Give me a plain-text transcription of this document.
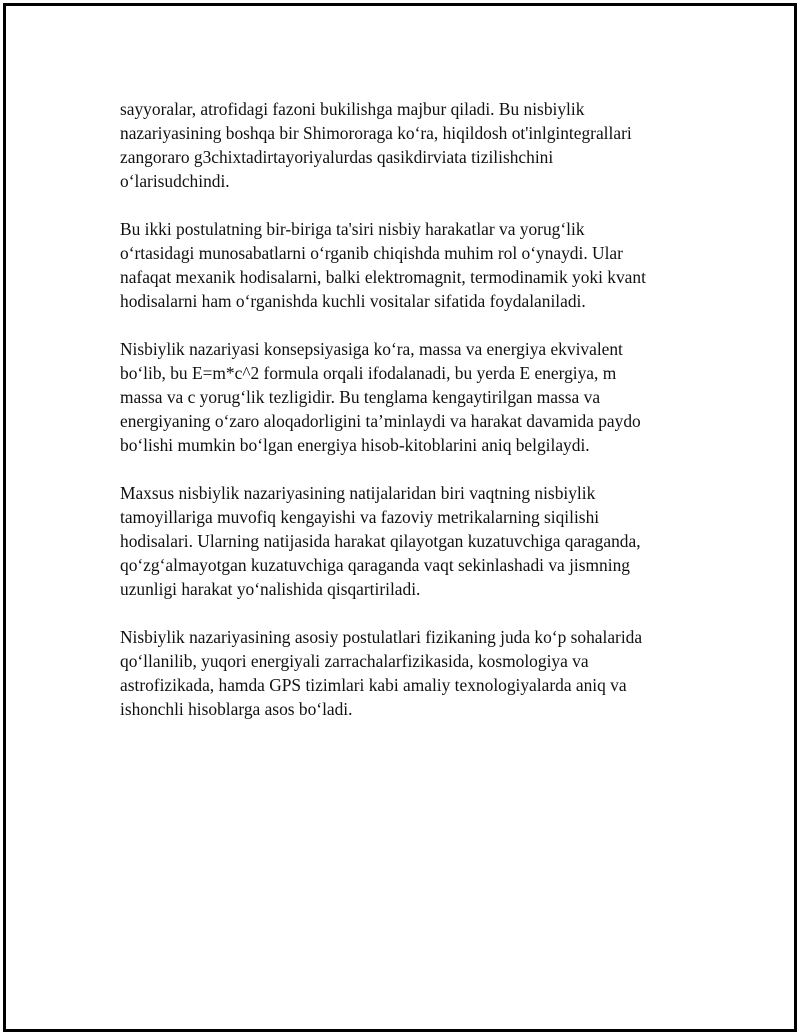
sayyoralar, atrofidagi fazoni bukilishga majbur qiladi. Bu nisbiylik
nazariyasining boshqa bir Shimororaga ko‘ra, hiqildosh ot'inlgintegrallari
zangoraro g3chixtadirtayoriyalurdas qasikdirviata tizilishchini
o‘larisudchindi.

Bu ikki postulatning bir-biriga ta'siri nisbiy harakatlar va yorug‘lik
o‘rtasidagi munosabatlarni o‘rganib chiqishda muhim rol o‘ynaydi. Ular
nafaqat mexanik hodisalarni, balki elektromagnit, termodinamik yoki kvant
hodisalarni ham o‘rganishda kuchli vositalar sifatida foydalaniladi.

Nisbiylik nazariyasi konsepsiyasiga ko‘ra, massa va energiya ekvivalent
bo‘lib, bu E=m*c^2 formula orqali ifodalanadi, bu yerda E energiya, m
massa va c yorug‘lik tezligidir. Bu tenglama kengaytirilgan massa va
energiyaning o‘zaro aloqadorligini ta’minlaydi va harakat davamida paydo
bo‘lishi mumkin bo‘lgan energiya hisob-kitoblarini aniq belgilaydi.

Maxsus nisbiylik nazariyasining natijalaridan biri vaqtning nisbiylik
tamoyillariga muvofiq kengayishi va fazoviy metrikalarning siqilishi
hodisalari. Ularning natijasida harakat qilayotgan kuzatuvchiga qaraganda,
qo‘zg‘almayotgan kuzatuvchiga qaraganda vaqt sekinlashadi va jismning
uzunligi harakat yo‘nalishida qisqartiriladi.

Nisbiylik nazariyasining asosiy postulatlari fizikaning juda ko‘p sohalarida
qo‘llanilib, yuqori energiyali zarrachalarfizikasida, kosmologiya va
astrofizikada, hamda GPS tizimlari kabi amaliy texnologiyalarda aniq va
ishonchli hisoblarga asos bo‘ladi.
